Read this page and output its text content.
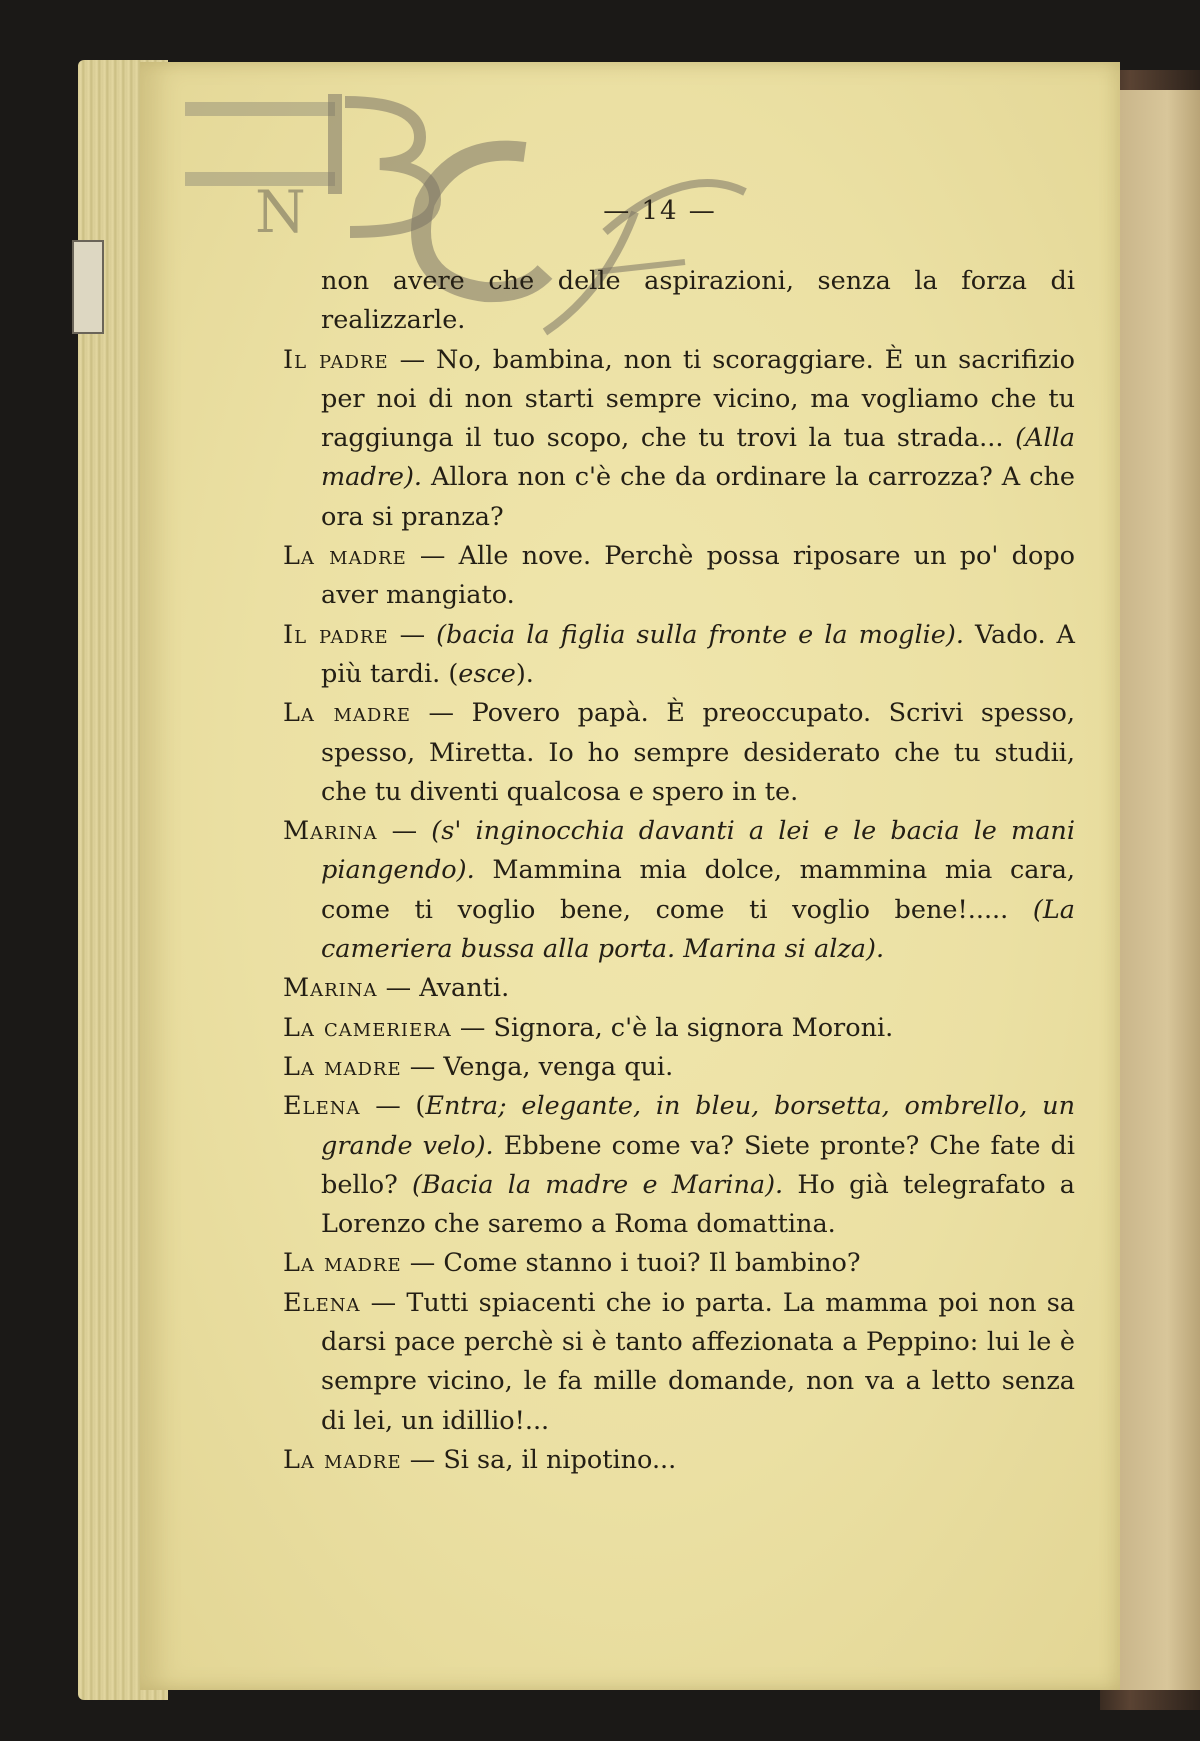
N	— 14 —

non avere che delle aspirazioni, senza la forza di realizzarle.

Il padre — No, bambina, non ti scoraggiare. È un sacrifizio per noi di non starti sempre vicino, ma vogliamo che tu raggiunga il tuo scopo, che tu trovi la tua strada... (Alla madre). Allora non c'è che da ordinare la carrozza? A che ora si pranza?

La madre — Alle nove. Perchè possa riposare un po' dopo aver mangiato.

Il padre — (bacia la figlia sulla fronte e la moglie). Vado. A più tardi. (esce).

La madre — Povero papà. È preoccupato. Scrivi spesso, spesso, Miretta. Io ho sempre desiderato che tu studii, che tu diventi qualcosa e spero in te.

Marina — (s' inginocchia davanti a lei e le bacia le mani piangendo). Mammina mia dolce, mammina mia cara, come ti voglio bene, come ti voglio bene!..... (La cameriera bussa alla porta. Marina si alza).

Marina — Avanti.

La cameriera — Signora, c'è la signora Moroni.

La madre — Venga, venga qui.

Elena — (Entra; elegante, in bleu, borsetta, ombrello, un grande velo). Ebbene come va? Siete pronte? Che fate di bello? (Bacia la madre e Marina). Ho già telegrafato a Lorenzo che saremo a Roma domattina.

La madre — Come stanno i tuoi? Il bambino?

Elena — Tutti spiacenti che io parta. La mamma poi non sa darsi pace perchè si è tanto affezionata a Peppino: lui le è sempre vicino, le fa mille domande, non va a letto senza di lei, un idillio!...

La madre — Si sa, il nipotino...
